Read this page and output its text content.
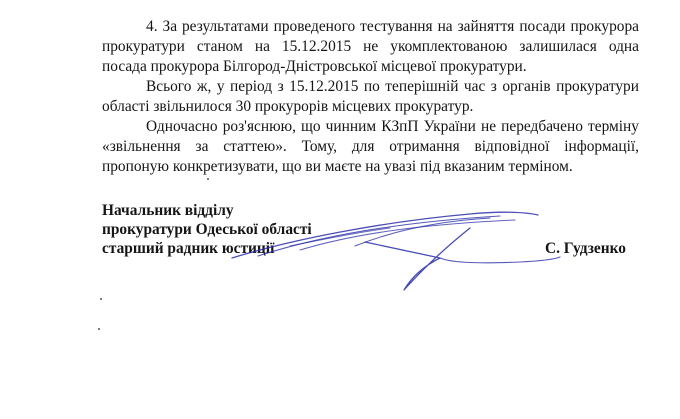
4. За результатами проведеного тестування на зайняття посади прокурора
прокуратури станом на 15.12.2015 не укомплектованою залишилася одна
посада прокурора Білгород-Дністровської місцевої прокуратури.
Всього ж, у період з 15.12.2015 по теперішній час з органів прокуратури
області звільнилося 30 прокурорів місцевих прокуратур.
Одночасно роз'яснюю, що чинним КЗпП України не передбачено терміну
«звільнення за статтею». Тому, для отримання відповідної інформації,
пропоную конкретизувати, що ви маєте на увазі під вказаним терміном.
Начальник відділу
прокуратури Одеської області
старший радник юстиції	С. Гудзенко
